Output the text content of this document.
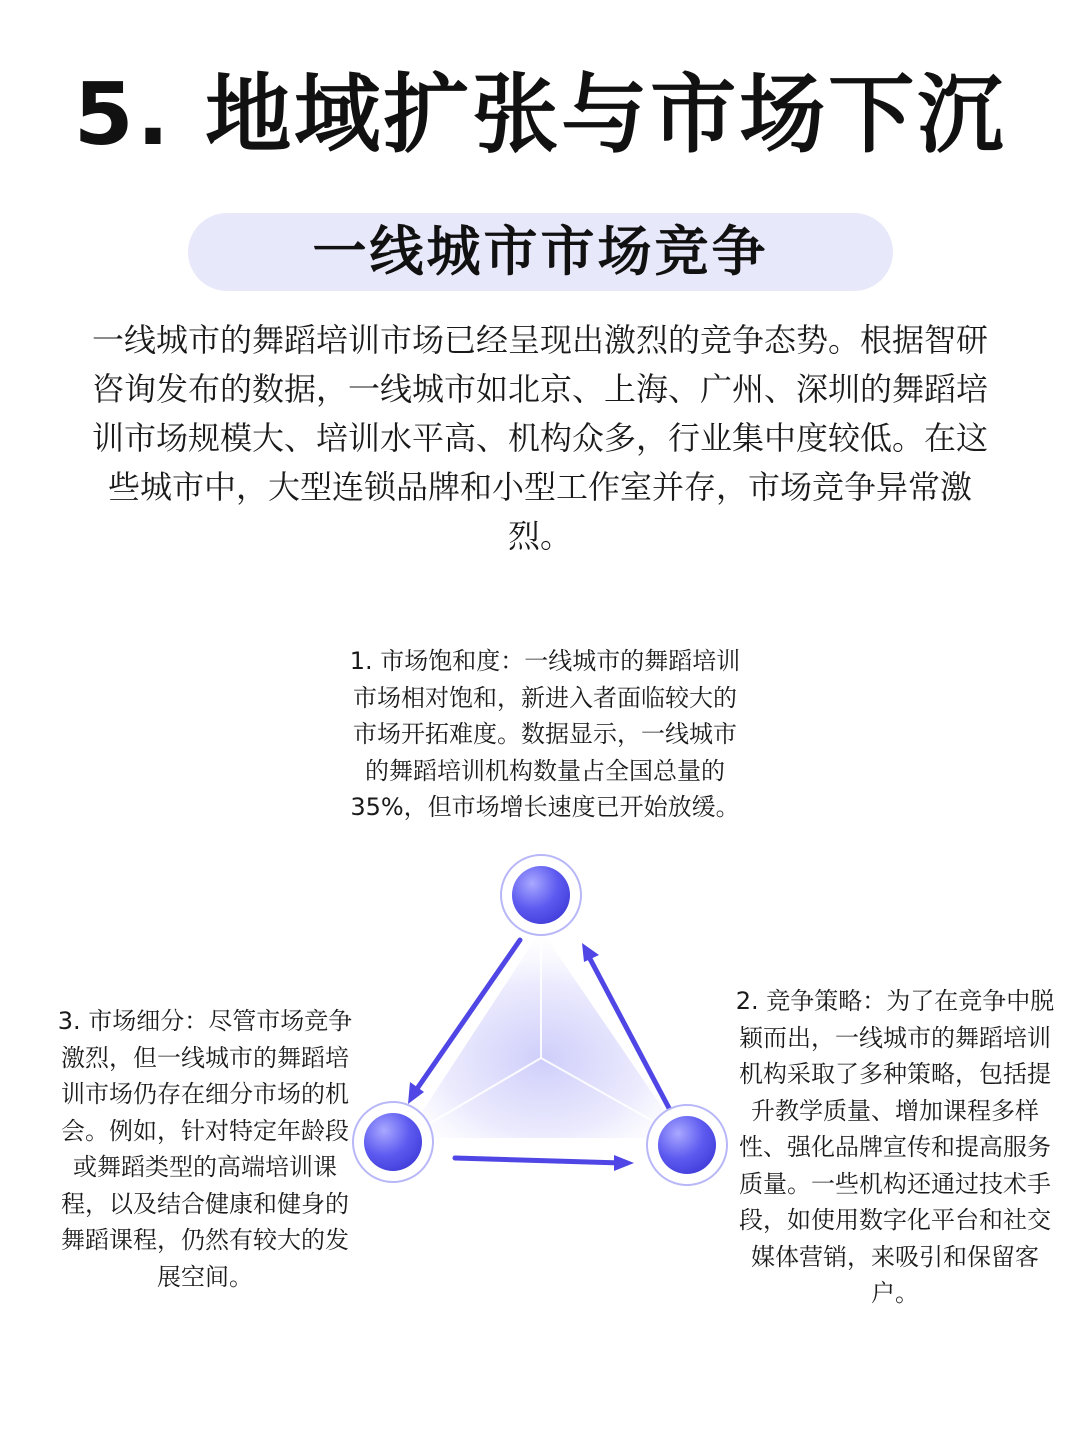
5. 地域扩张与市场下沉
一线城市市场竞争
一线城市的舞蹈培训市场已经呈现出激烈的竞争态势。根据智研咨询发布的数据，一线城市如北京、上海、广州、深圳的舞蹈培训市场规模大、培训水平高、机构众多，行业集中度较低。在这些城市中，大型连锁品牌和小型工作室并存，市场竞争异常激烈。
1. 市场饱和度：一线城市的舞蹈培训市场相对饱和，新进入者面临较大的市场开拓难度。数据显示，一线城市的舞蹈培训机构数量占全国总量的35%，但市场增长速度已开始放缓。
2. 竞争策略：为了在竞争中脱颖而出，一线城市的舞蹈培训机构采取了多种策略，包括提升教学质量、增加课程多样性、强化品牌宣传和提高服务质量。一些机构还通过技术手段，如使用数字化平台和社交媒体营销，来吸引和保留客户。
3. 市场细分：尽管市场竞争激烈，但一线城市的舞蹈培训市场仍存在细分市场的机会。例如，针对特定年龄段或舞蹈类型的高端培训课程，以及结合健康和健身的舞蹈课程，仍然有较大的发展空间。
